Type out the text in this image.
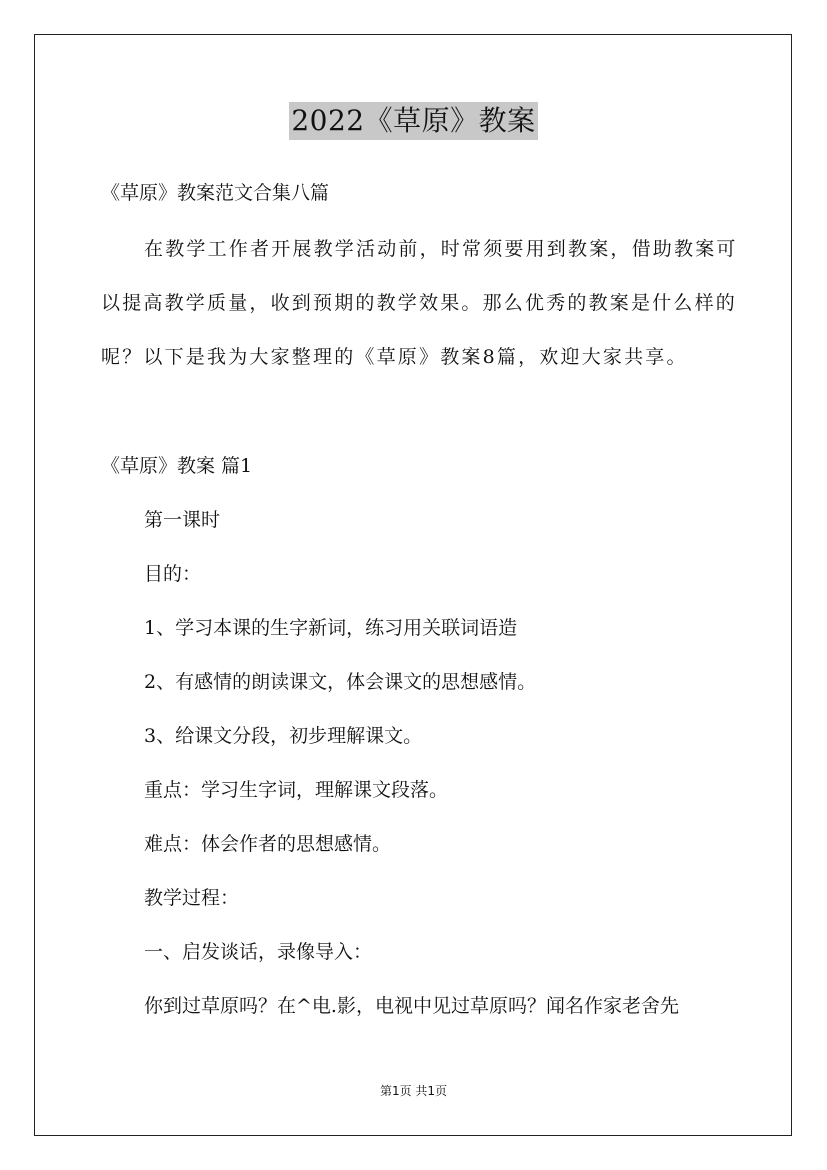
2022《草原》教案
《草原》教案范文合集八篇
在教学工作者开展教学活动前，时常须要用到教案，借助教案可
以提高教学质量，收到预期的教学效果。那么优秀的教案是什么样的
呢？以下是我为大家整理的《草原》教案8篇，欢迎大家共享。
《草原》教案 篇1
第一课时
目的：
1、学习本课的生字新词，练习用关联词语造
2、有感情的朗读课文，体会课文的思想感情。
3、给课文分段，初步理解课文。
重点：学习生字词，理解课文段落。
难点：体会作者的思想感情。
教学过程：
一、启发谈话，录像导入：
你到过草原吗？在^电.影，电视中见过草原吗？闻名作家老舍先
第1页 共1页
